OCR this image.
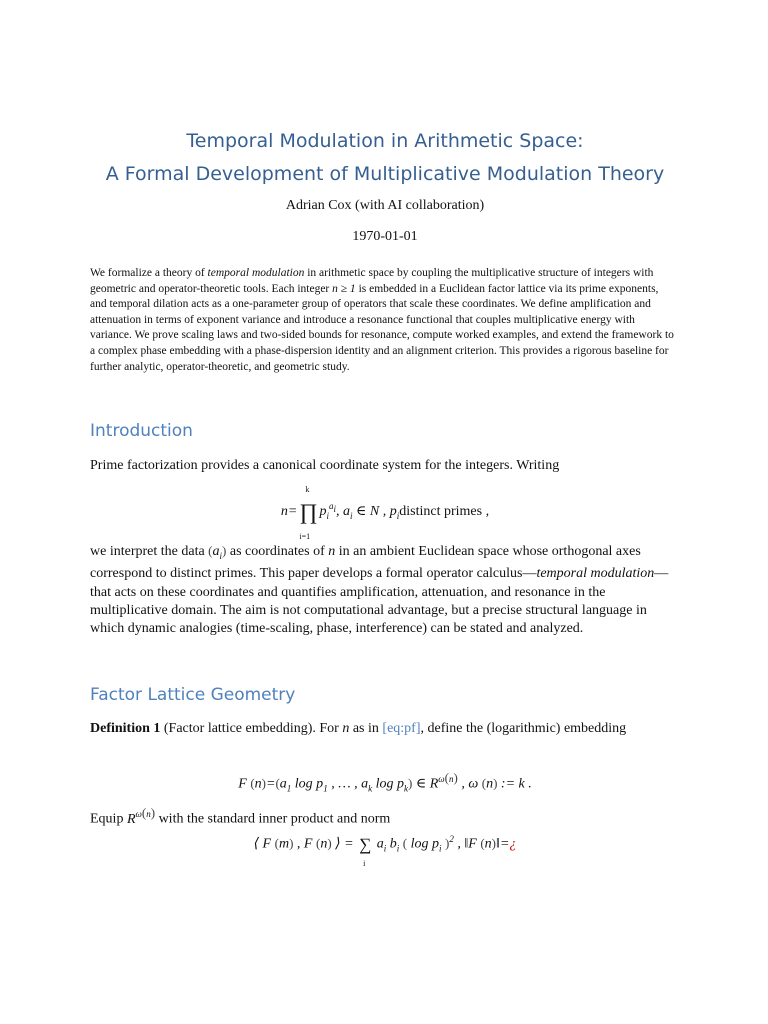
Temporal Modulation in Arithmetic Space:
A Formal Development of Multiplicative Modulation Theory
Adrian Cox (with AI collaboration)
1970-01-01

We formalize a theory of temporal modulation in arithmetic space by coupling the multiplicative structure of integers with geometric and operator-theoretic tools. Each integer n ≥ 1 is embedded in a Euclidean factor lattice via its prime exponents, and temporal dilation acts as a one-parameter group of operators that scale these coordinates. We define amplification and attenuation in terms of exponent variance and introduce a resonance functional that couples multiplicative energy with variance. We prove scaling laws and two-sided bounds for resonance, compute worked examples, and extend the framework to a complex phase embedding with a phase-dispersion identity and an alignment criterion. This provides a rigorous baseline for further analytic, operator-theoretic, and geometric study.

Introduction

Prime factorization provides a canonical coordinate system for the integers. Writing

n=
k
∏
i=1
$p_i^{a_i}$, $a_i$ ∈ N , $p_idistinct$ primes ,

we interpret the data $(a_i)$ as coordinates of n in an ambient Euclidean space whose orthogonal axes correspond to distinct primes. This paper develops a formal operator calculus—temporal modulation—that acts on these coordinates and quantifies amplification, attenuation, and resonance in the multiplicative domain. The aim is not computational advantage, but a precise structural language in which dynamic analogies (time-scaling, phase, interference) can be stated and analyzed.

Factor Lattice Geometry

Definition 1 (Factor lattice embedding). For n as in [eq:pf], define the (logarithmic) embedding

F $(n)=(a_1$ $\log p_1$ , … , $a_k$ $\log p_k$) ∈ $R^{\omega(n)}$ , ω (n) := k .

Equip $R^{\omega(n)}$ with the standard inner product and norm

⟨ F (m) , F (n) ⟩ = ∑
i
$a_i$ $b_i$ ( $\log p_i$ )$^2$ , ‖F (n)‖=¿
